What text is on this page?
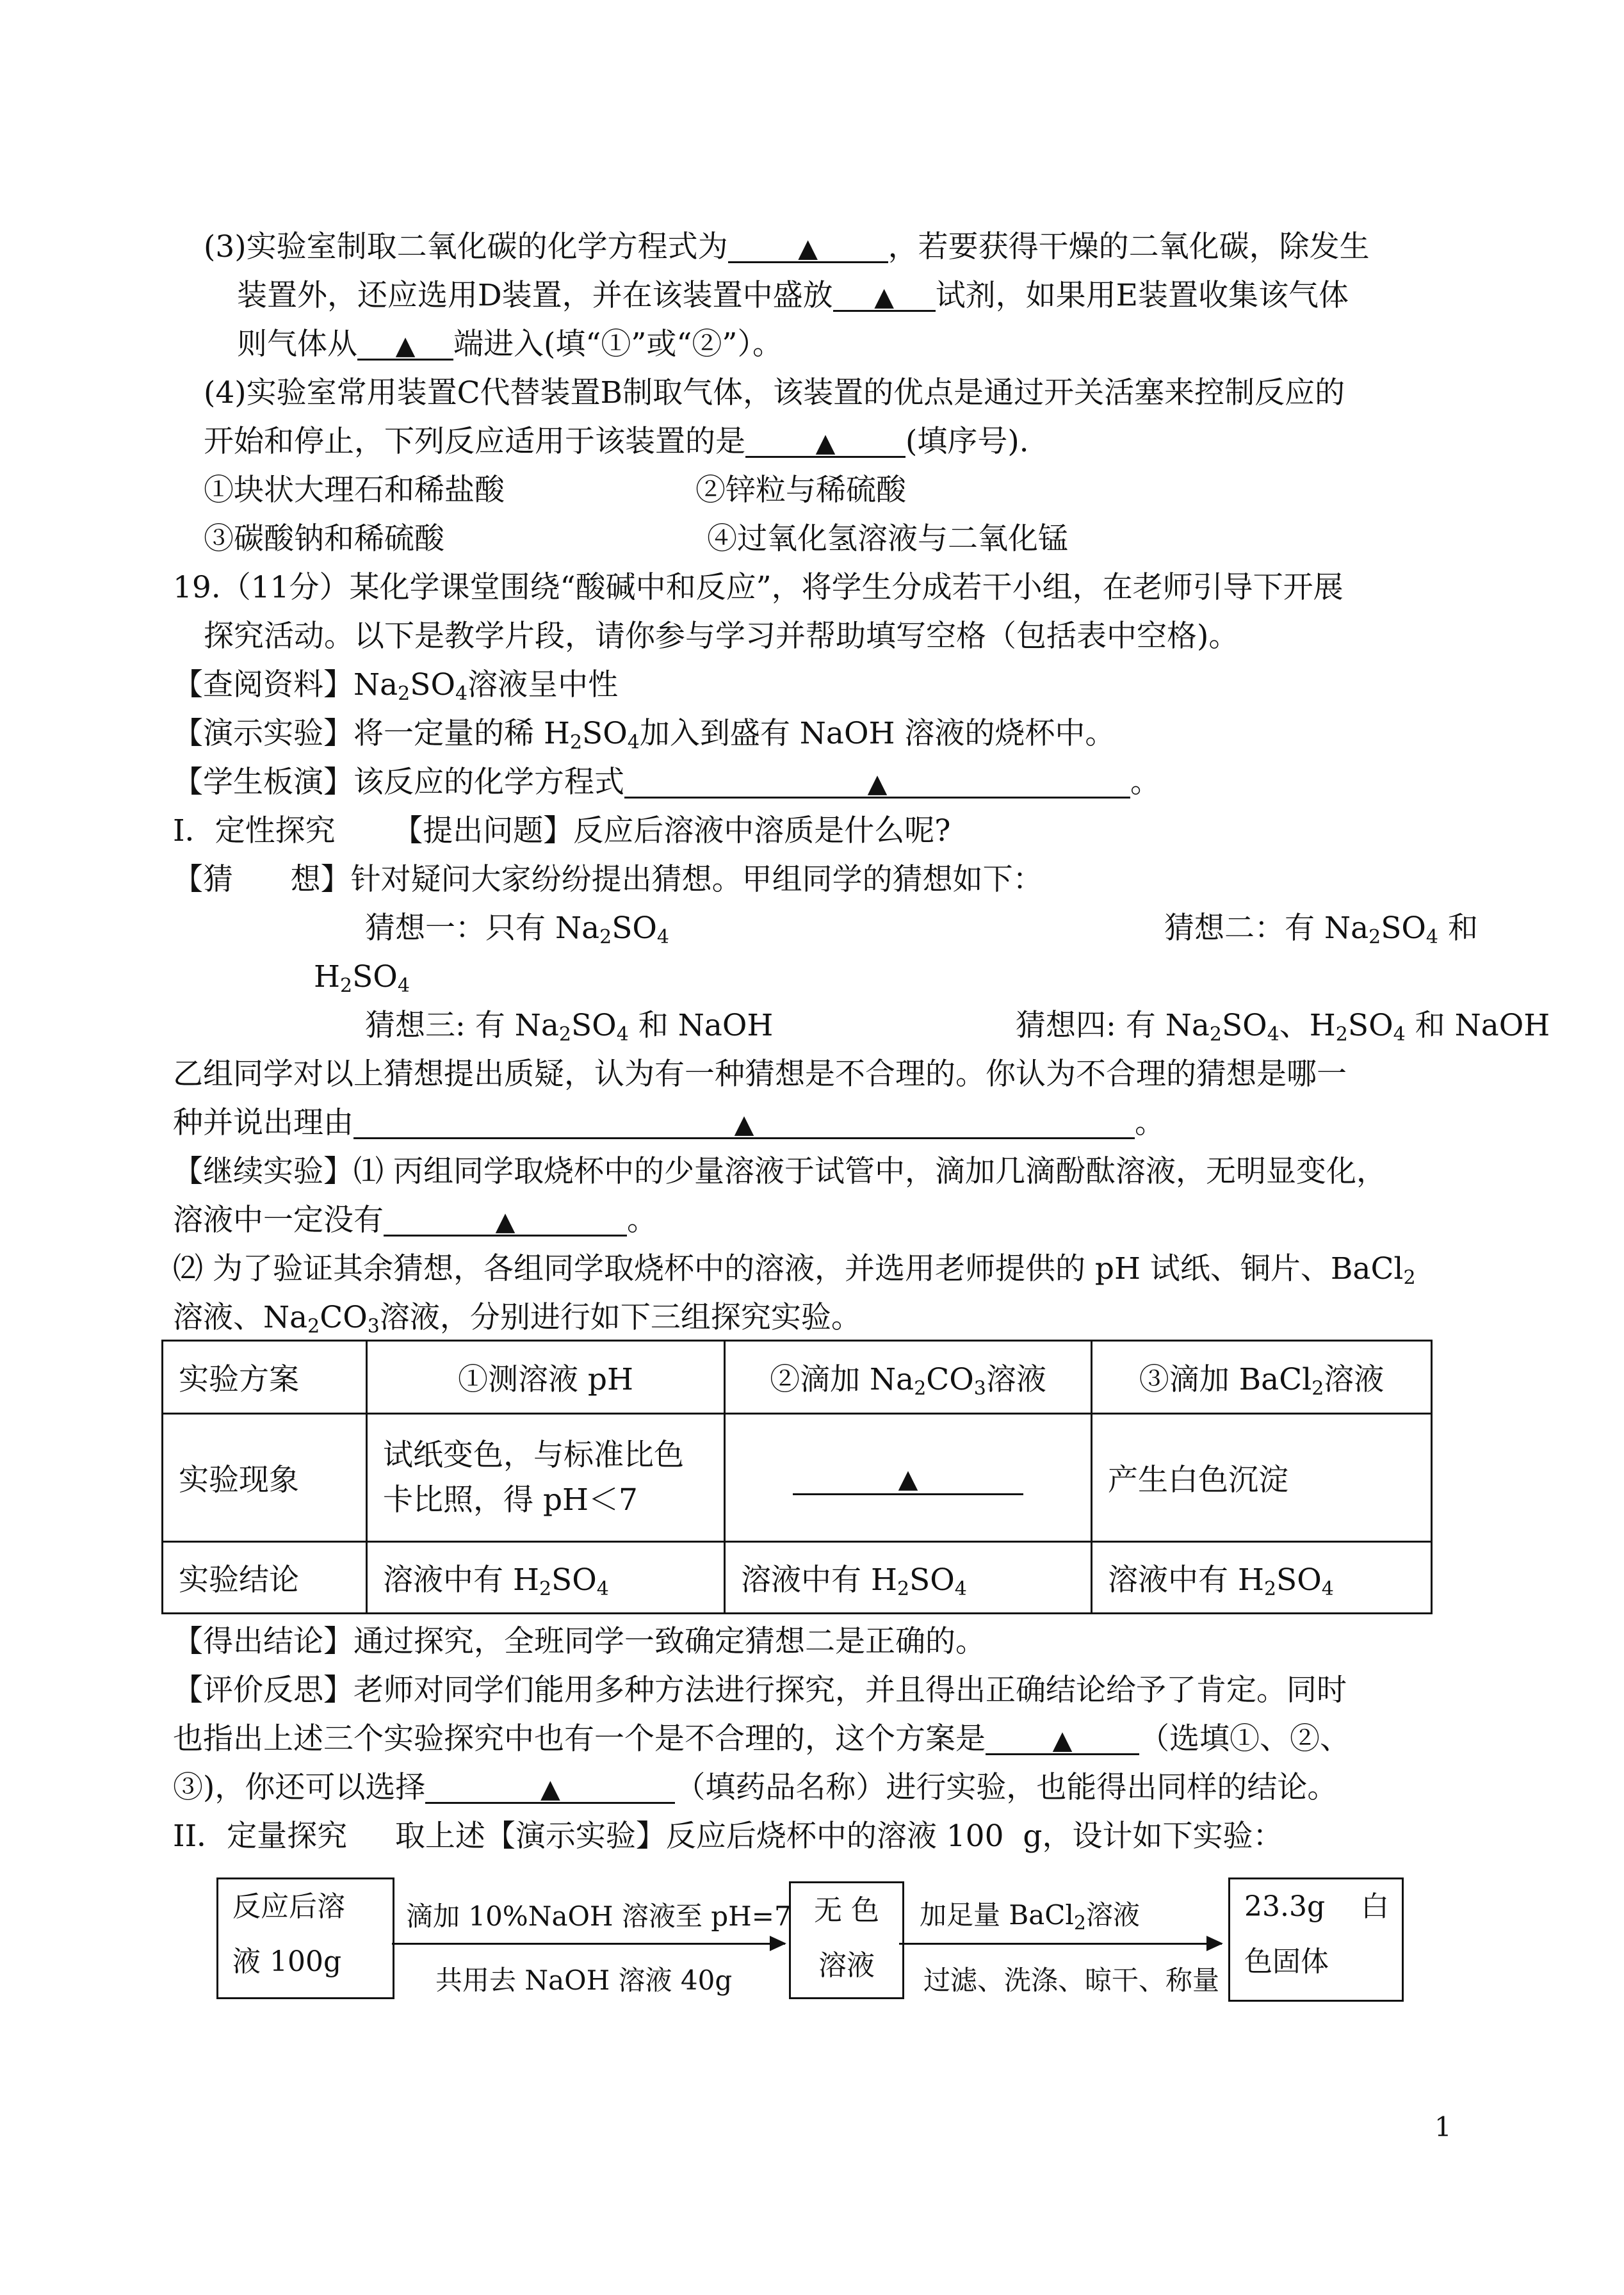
(3)实验室制取二氧化碳的化学方程式为	▲ ，若要获得干燥的二氧化碳，除发生
装置外，还应选用D装置，并在该装置中盛放 ▲ 试剂，如果用E装置收集该气体
则气体从 ▲ 端进入(填“①”或“②”）。
(4)实验室常用装置C代替装置B制取气体，该装置的优点是通过开关活塞来控制反应的
开始和停止，下列反应适用于该装置的是	▲ (填序号).
①块状大理石和稀盐酸	②锌粒与稀硫酸
③碳酸钠和稀硫酸	④过氧化氢溶液与二氧化锰
19.（11分）某化学课堂围绕“酸碱中和反应”，将学生分成若干小组，在老师引导下开展
探究活动。以下是教学片段，请你参与学习并帮助填写空格（包括表中空格)。
【查阅资料】$Na_2SO_4$溶液呈中性
【演示实验】将一定量的稀 $H_2SO_4$加入到盛有 NaOH 溶液的烧杯中。
【学生板演】该反应的化学方程式	▲	。
I．定性探究 【提出问题】反应后溶液中溶质是什么呢?
【猜      想】针对疑问大家纷纷提出猜想。甲组同学的猜想如下：
猜想一：只有 $Na_2SO_4$	猜想二：有 $Na_2SO_4$ 和
$H_2SO_4$
猜想三: 有 $Na_2SO_4$ 和 NaOH	猜想四: 有 $Na_2SO_4$、$H_2SO_4$ 和 NaOH
乙组同学对以上猜想提出质疑，认为有一种猜想是不合理的。你认为不合理的猜想是哪一
种并说出理由	▲	。
【继续实验】⑴ 丙组同学取烧杯中的少量溶液于试管中，滴加几滴酚酞溶液，无明显变化，
溶液中一定没有	▲	。
⑵ 为了验证其余猜想，各组同学取烧杯中的溶液，并选用老师提供的 pH 试纸、铜片、BaCl$_2$
溶液、$Na_2CO_3$溶液，分别进行如下三组探究实验。
实验方案	①测溶液 pH	②滴加 $Na_2CO_3$溶液	③滴加 BaCl$_2$溶液
实验现象	试纸变色，与标准比色
卡比照，得 pH＜7	▲	产生白色沉淀
实验结论	溶液中有 $H_2SO_4$	溶液中有 $H_2SO_4$	溶液中有 $H_2SO_4$
【得出结论】通过探究，全班同学一致确定猜想二是正确的。
【评价反思】老师对同学们能用多种方法进行探究，并且得出正确结论给予了肯定。同时
也指出上述三个实验探究中也有一个是不合理的，这个方案是	▲ （选填①、②、
③)，你还可以选择	▲	（填药品名称）进行实验，也能得出同样的结论。
II．定量探究     取上述【演示实验】反应后烧杯中的溶液 100  g，设计如下实验：
反应后溶
液 100g
滴加 10%NaOH 溶液至 pH=7
共用去 NaOH 溶液 40g
无 色
溶液
加足量 BaCl$_2$溶液
过滤、洗涤、晾干、称量
23.3g    白
色固体
1
